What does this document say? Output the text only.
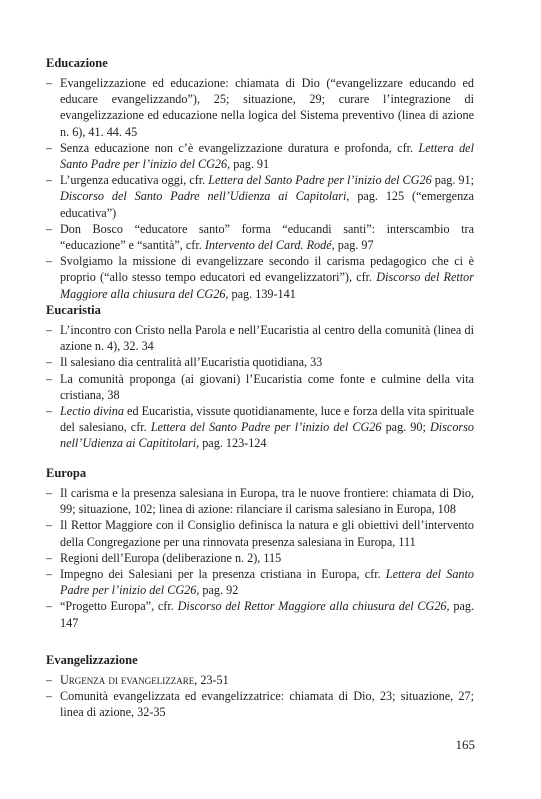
Educazione
– Evangelizzazione ed educazione: chiamata di Dio (“evangelizzare educando ed educare evangelizzando”), 25; situazione, 29; curare l’integrazione di evangelizzazione ed educazione nella logica del Sistema preventivo (linea di azione n. 6), 41. 44. 45
– Senza educazione non c’è evangelizzazione duratura e profonda, cfr. Lettera del Santo Padre per l’inizio del CG26, pag. 91
– L’urgenza educativa oggi, cfr. Lettera del Santo Padre per l’inizio del CG26 pag. 91; Discorso del Santo Padre nell’Udienza ai Capitolari, pag. 125 (“emergenza educativa”)
– Don Bosco “educatore santo” forma “educandi santi”: interscambio tra “educazione” e “santità”, cfr. Intervento del Card. Rodé, pag. 97
– Svolgiamo la missione di evangelizzare secondo il carisma pedagogico che ci è proprio (“allo stesso tempo educatori ed evangelizzatori”), cfr. Discorso del Rettor Maggiore alla chiusura del CG26, pag. 139-141
Eucaristia
– L’incontro con Cristo nella Parola e nell’Eucaristia al centro della comunità (linea di azione n. 4), 32. 34
– Il salesiano dia centralità all’Eucaristia quotidiana, 33
– La comunità proponga (ai giovani) l’Eucaristia come fonte e culmine della vita cristiana, 38
– Lectio divina ed Eucaristia, vissute quotidianamente, luce e forza della vita spirituale del salesiano, cfr. Lettera del Santo Padre per l’inizio del CG26 pag. 90; Discorso nell’Udienza ai Capititolari, pag. 123-124
Europa
– Il carisma e la presenza salesiana in Europa, tra le nuove frontiere: chiamata di Dio, 99; situazione, 102; linea di azione: rilanciare il carisma salesiano in Europa, 108
– Il Rettor Maggiore con il Consiglio definisca la natura e gli obiettivi dell’intervento della Congregazione per una rinnovata presenza salesiana in Europa, 111
– Regioni dell’Europa (deliberazione n. 2), 115
– Impegno dei Salesiani per la presenza cristiana in Europa, cfr. Lettera del Santo Padre per l’inizio del CG26, pag. 92
– “Progetto Europa”, cfr. Discorso del Rettor Maggiore alla chiusura del CG26, pag. 147
Evangelizzazione
– Urgenza di evangelizzare, 23-51
– Comunità evangelizzata ed evangelizzatrice: chiamata di Dio, 23; situazione, 27; linea di azione, 32-35
165
